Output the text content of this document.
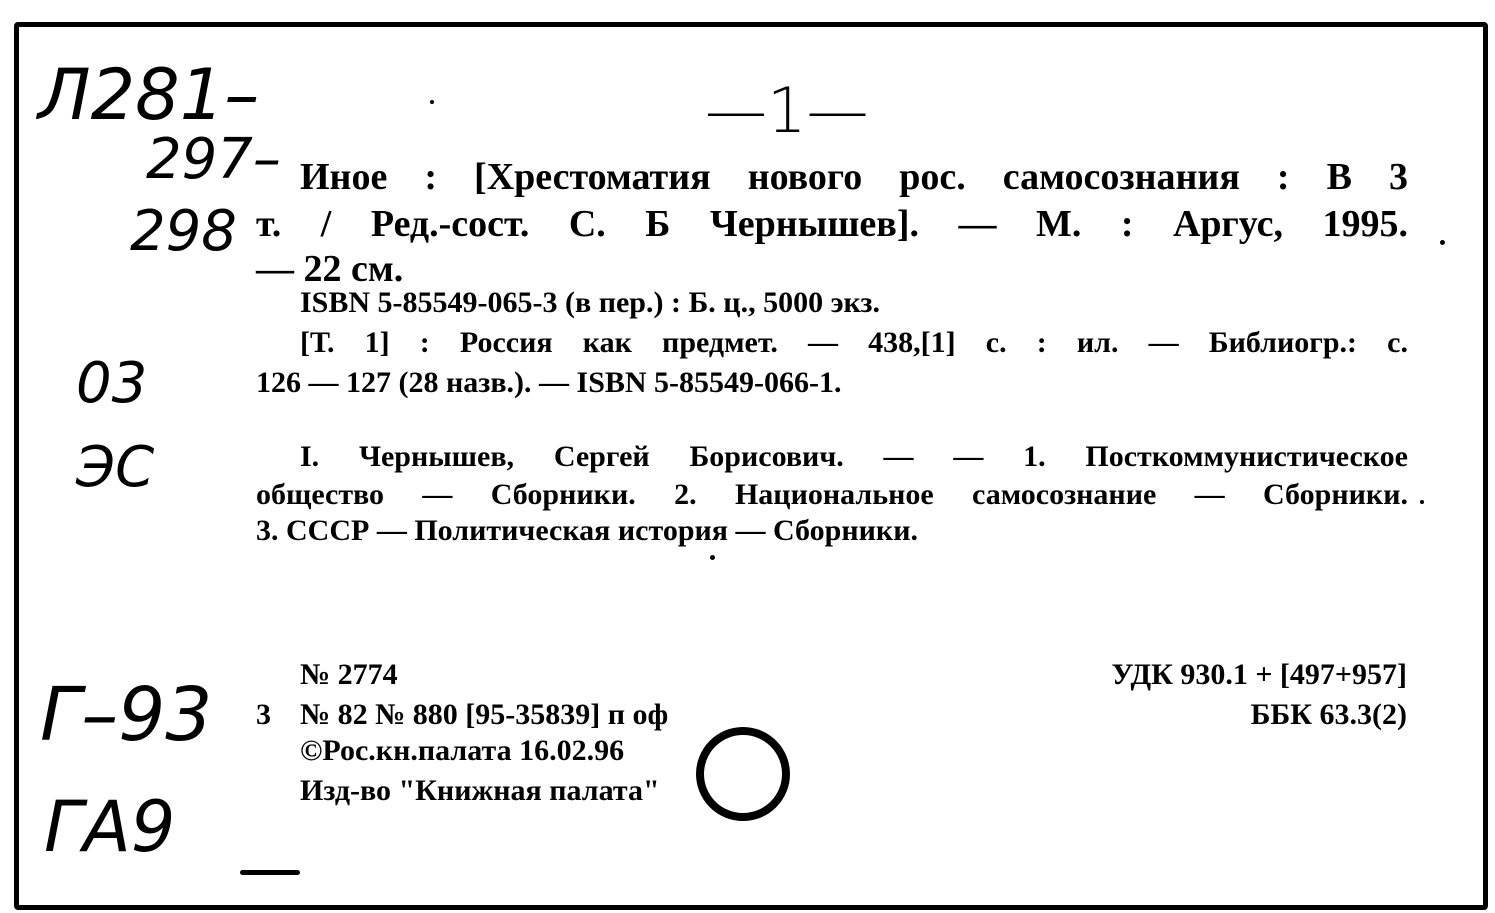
Л281–
297–
298
—1—
03
ЭС
Г–93
ГА9
Иное : [Хрестоматия нового рос. самосознания : В 3
т. / Ред.-сост. С. Б Чернышев]. — М. : Аргус, 1995.
— 22 см.
ISBN 5-85549-065-3 (в пер.) : Б. ц., 5000 экз.
[Т. 1] : Россия как предмет. — 438,[1] с. : ил. — Библиогр.: с.
126 — 127 (28 назв.). — ISBN 5-85549-066-1.
I. Чернышев, Сергей Борисович. — — 1. Посткоммунистическое
общество — Сборники. 2. Национальное самосознание — Сборники.
3. СССР — Политическая история — Сборники.
№ 2774
3 № 82 № 880 [95-35839] п оф
©Рос.кн.палата 16.02.96
Изд-во "Книжная палата"
УДК 930.1 + [497+957]
ББК 63.3(2)
